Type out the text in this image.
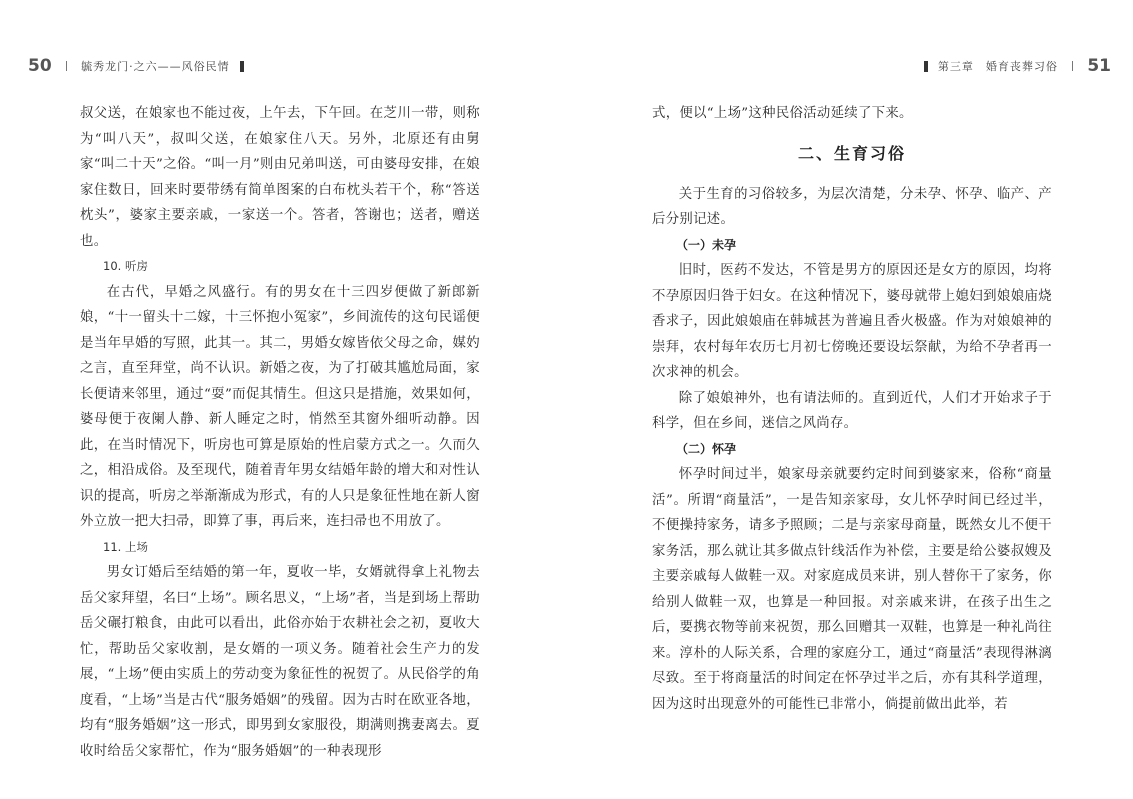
50	毓秀龙门·之六——风俗民情	第三章　婚育丧葬习俗 51

叔父送，在娘家也不能过夜，上午去，下午回。在芝川一带，则称为“叫八天”，叔叫父送，在娘家住八天。另外，北原还有由舅家“叫二十天”之俗。“叫一月”则由兄弟叫送，可由婆母安排，在娘家住数日，回来时要带绣有简单图案的白布枕头若干个，称“答送枕头”，婆家主要亲戚，一家送一个。答者，答谢也；送者，赠送也。

10. 听房

在古代，早婚之风盛行。有的男女在十三四岁便做了新郎新娘，“十一留头十二嫁，十三怀抱小冤家”，乡间流传的这句民谣便是当年早婚的写照，此其一。其二，男婚女嫁皆依父母之命，媒妁之言，直至拜堂，尚不认识。新婚之夜，为了打破其尴尬局面，家长便请来邻里，通过“耍”而促其情生。但这只是措施，效果如何，婆母便于夜阑人静、新人睡定之时，悄然至其窗外细听动静。因此，在当时情况下，听房也可算是原始的性启蒙方式之一。久而久之，相沿成俗。及至现代，随着青年男女结婚年龄的增大和对性认识的提高，听房之举渐渐成为形式，有的人只是象征性地在新人窗外立放一把大扫帚，即算了事，再后来，连扫帚也不用放了。

11. 上场

男女订婚后至结婚的第一年，夏收一毕，女婿就得拿上礼物去岳父家拜望，名曰“上场”。顾名思义，“上场”者，当是到场上帮助岳父碾打粮食，由此可以看出，此俗亦始于农耕社会之初，夏收大忙，帮助岳父家收割，是女婿的一项义务。随着社会生产力的发展，“上场”便由实质上的劳动变为象征性的祝贺了。从民俗学的角度看，“上场”当是古代“服务婚姻”的残留。因为古时在欧亚各地，均有“服务婚姻”这一形式，即男到女家服役，期满则携妻离去。夏收时给岳父家帮忙，作为“服务婚姻”的一种表现形

式，便以“上场”这种民俗活动延续了下来。

二、生育习俗

关于生育的习俗较多，为层次清楚，分未孕、怀孕、临产、产后分别记述。

（一）未孕

旧时，医药不发达，不管是男方的原因还是女方的原因，均将不孕原因归咎于妇女。在这种情况下，婆母就带上媳妇到娘娘庙烧香求子，因此娘娘庙在韩城甚为普遍且香火极盛。作为对娘娘神的崇拜，农村每年农历七月初七傍晚还要设坛祭献，为给不孕者再一次求神的机会。

除了娘娘神外，也有请法师的。直到近代，人们才开始求子于科学，但在乡间，迷信之风尚存。

（二）怀孕

怀孕时间过半，娘家母亲就要约定时间到婆家来，俗称“商量活”。所谓“商量活”，一是告知亲家母，女儿怀孕时间已经过半，不便操持家务，请多予照顾；二是与亲家母商量，既然女儿不便干家务活，那么就让其多做点针线活作为补偿，主要是给公婆叔嫂及主要亲戚每人做鞋一双。对家庭成员来讲，别人替你干了家务，你给别人做鞋一双，也算是一种回报。对亲戚来讲，在孩子出生之后，要携衣物等前来祝贺，那么回赠其一双鞋，也算是一种礼尚往来。淳朴的人际关系，合理的家庭分工，通过“商量活”表现得淋漓尽致。至于将商量活的时间定在怀孕过半之后，亦有其科学道理，因为这时出现意外的可能性已非常小，倘提前做出此举，若
